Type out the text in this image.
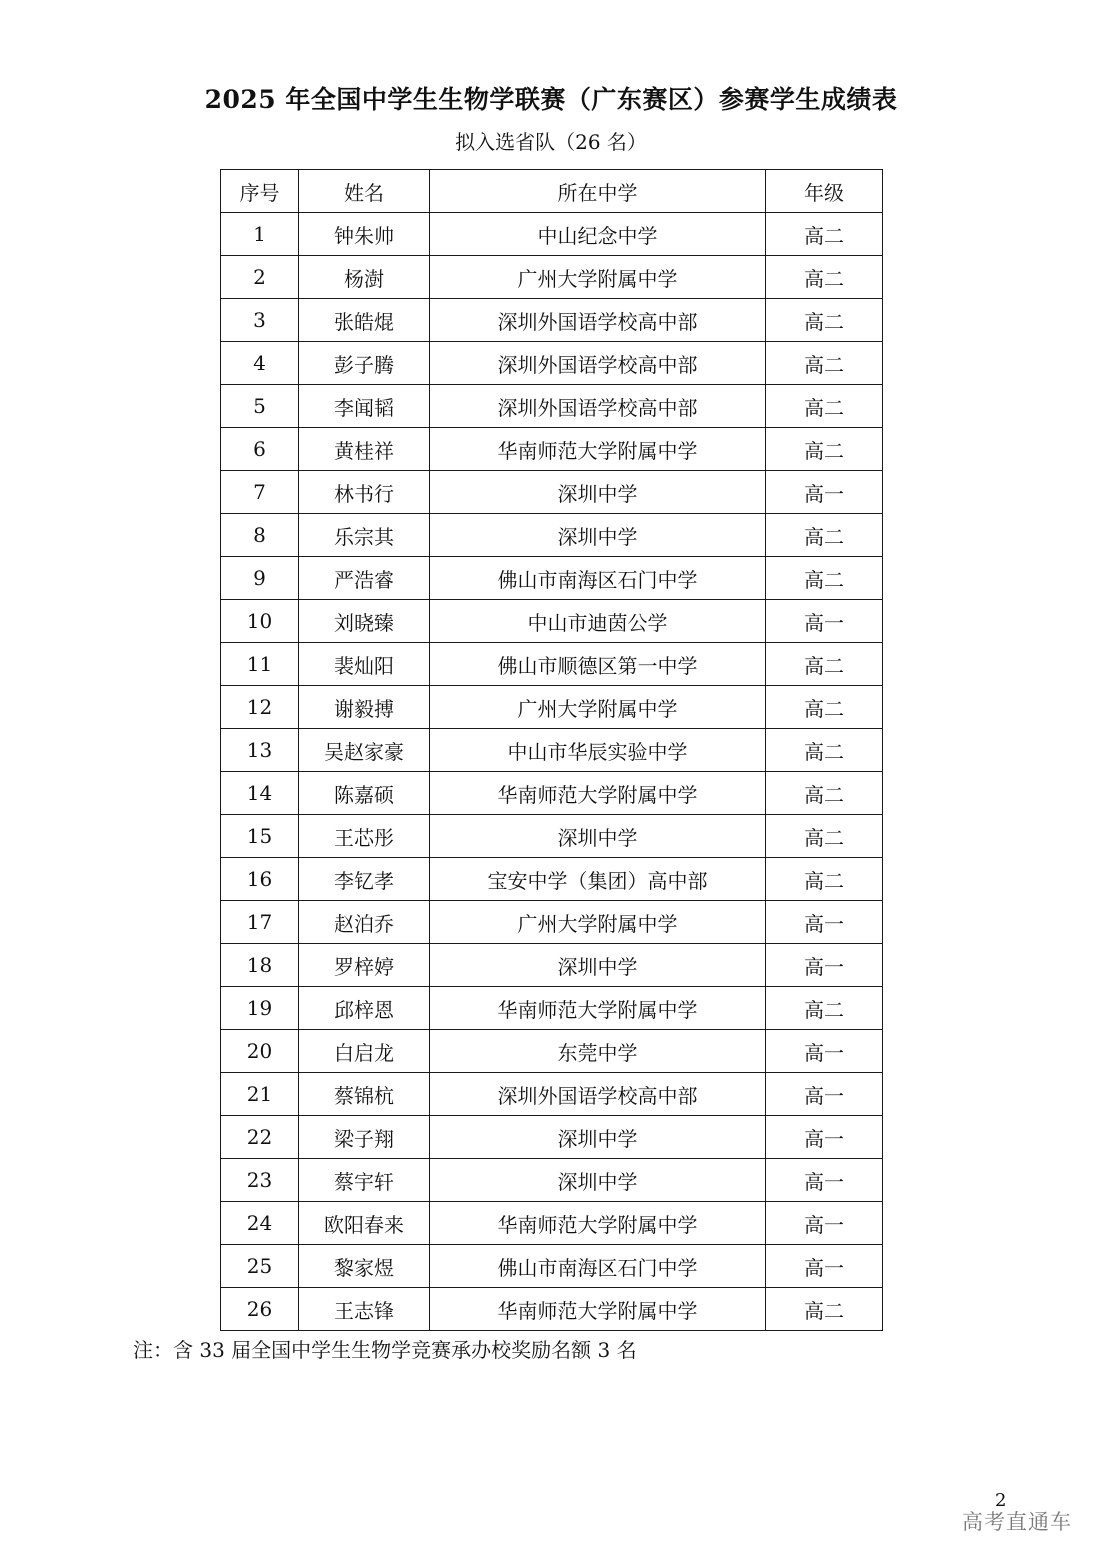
2025 年全国中学生生物学联赛（广东赛区）参赛学生成绩表
拟入选省队（26 名）
序号	姓名	所在中学	年级
1	钟朱帅	中山纪念中学	高二
2	杨澍	广州大学附属中学	高二
3	张皓焜	深圳外国语学校高中部	高二
4	彭子腾	深圳外国语学校高中部	高二
5	李闻韬	深圳外国语学校高中部	高二
6	黄桂祥	华南师范大学附属中学	高二
7	林书行	深圳中学	高一
8	乐宗其	深圳中学	高二
9	严浩睿	佛山市南海区石门中学	高二
10	刘晓臻	中山市迪茵公学	高一
11	裴灿阳	佛山市顺德区第一中学	高二
12	谢毅搏	广州大学附属中学	高二
13	吴赵家豪	中山市华辰实验中学	高二
14	陈嘉硕	华南师范大学附属中学	高二
15	王芯彤	深圳中学	高二
16	李钇孝	宝安中学（集团）高中部	高二
17	赵泊乔	广州大学附属中学	高一
18	罗梓婷	深圳中学	高一
19	邱梓恩	华南师范大学附属中学	高二
20	白启龙	东莞中学	高一
21	蔡锦杭	深圳外国语学校高中部	高一
22	梁子翔	深圳中学	高一
23	蔡宇轩	深圳中学	高一
24	欧阳春来	华南师范大学附属中学	高一
25	黎家煜	佛山市南海区石门中学	高一
26	王志锋	华南师范大学附属中学	高二
注：含 33 届全国中学生生物学竞赛承办校奖励名额 3 名
2
高考直通车
